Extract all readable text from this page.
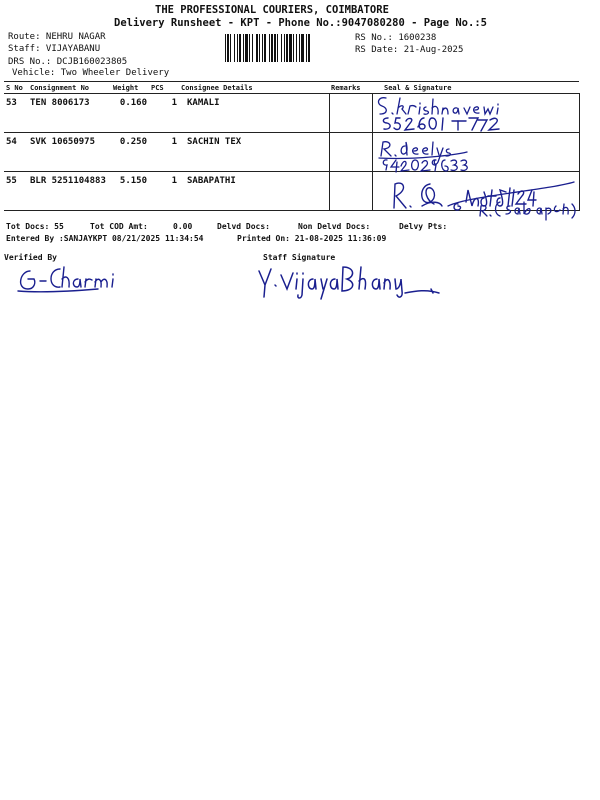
THE PROFESSIONAL COURIERS, COIMBATORE
Delivery Runsheet - KPT - Phone No.:9047080280 - Page No.:5
Route: NEHRU NAGAR
Staff: VIJAYABANU
DRS No.: DCJB160023805
Vehicle: Two Wheeler Delivery
RS No.: 1600238
RS Date: 21-Aug-2025
S No	Consignment No	Weight	PCS	Consignee Details	Remarks	Seal & Signature
53	TEN 8006173	0.160	1	KAMALI		
54	SVK 10650975	0.250	1	SACHIN TEX		
55	BLR 5251104883	5.150	1	SABAPATHI		
Tot Docs: 55	Tot COD Amt:	0.00	Delvd Docs:	Non Delvd Docs:	Delvy Pts:
Entered By :SANJAYKPT 08/21/2025 11:34:54	Printed On: 21-08-2025 11:36:09
Verified By	Staff Signature
